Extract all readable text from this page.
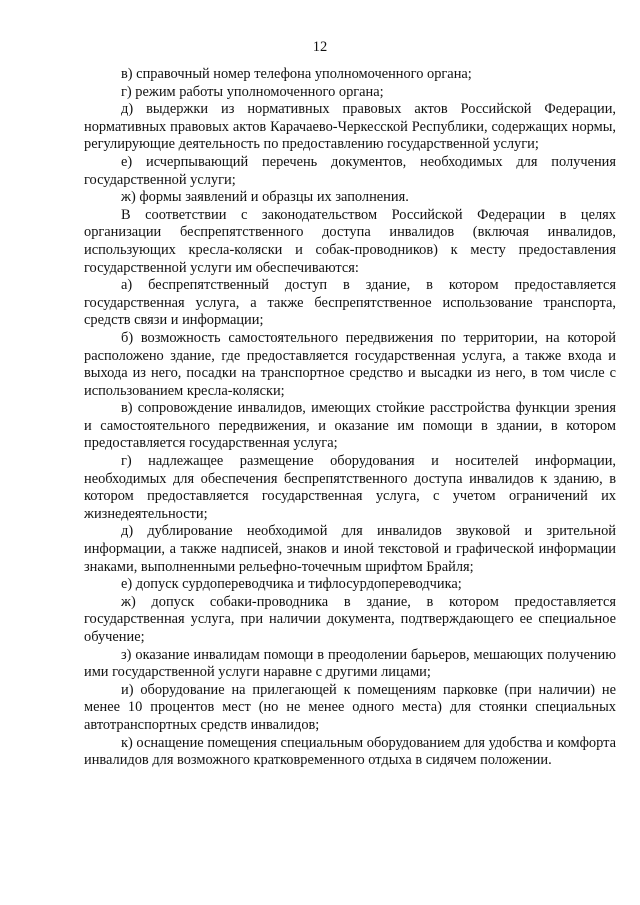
12

в) справочный номер телефона уполномоченного органа;

г) режим работы уполномоченного органа;

д) выдержки из нормативных правовых актов Российской Федерации, нормативных правовых актов Карачаево-Черкесской Республики, содержащих нормы, регулирующие деятельность по предоставлению государственной услуги;

е) исчерпывающий перечень документов, необходимых для получения государственной услуги;

ж) формы заявлений и образцы их заполнения.

В соответствии с законодательством Российской Федерации в целях организации беспрепятственного доступа инвалидов (включая инвалидов, использующих кресла-коляски и собак-проводников) к месту предоставления государственной услуги им обеспечиваются:

а) беспрепятственный доступ в здание, в котором предоставляется государственная услуга, а также беспрепятственное использование транспорта, средств связи и информации;

б) возможность самостоятельного передвижения по территории, на которой расположено здание, где предоставляется государственная услуга, а также входа и выхода из него, посадки на транспортное средство и высадки из него, в том числе с использованием кресла-коляски;

в) сопровождение инвалидов, имеющих стойкие расстройства функции зрения и самостоятельного передвижения, и оказание им помощи в здании, в котором предоставляется государственная услуга;

г) надлежащее размещение оборудования и носителей информации, необходимых для обеспечения беспрепятственного доступа инвалидов к зданию, в котором предоставляется государственная услуга, с учетом ограничений их жизнедеятельности;

д) дублирование необходимой для инвалидов звуковой и зрительной информации, а также надписей, знаков и иной текстовой и графической информации знаками, выполненными рельефно-точечным шрифтом Брайля;

е) допуск сурдопереводчика и тифлосурдопереводчика;

ж) допуск собаки-проводника в здание, в котором предоставляется государственная услуга, при наличии документа, подтверждающего ее специальное обучение;

з) оказание инвалидам помощи в преодолении барьеров, мешающих получению ими государственной услуги наравне с другими лицами;

и) оборудование на прилегающей к помещениям парковке (при наличии) не менее 10 процентов мест (но не менее одного места) для стоянки специальных автотранспортных средств инвалидов;

к) оснащение помещения специальным оборудованием для удобства и комфорта инвалидов для возможного кратковременного отдыха в сидячем положении.
